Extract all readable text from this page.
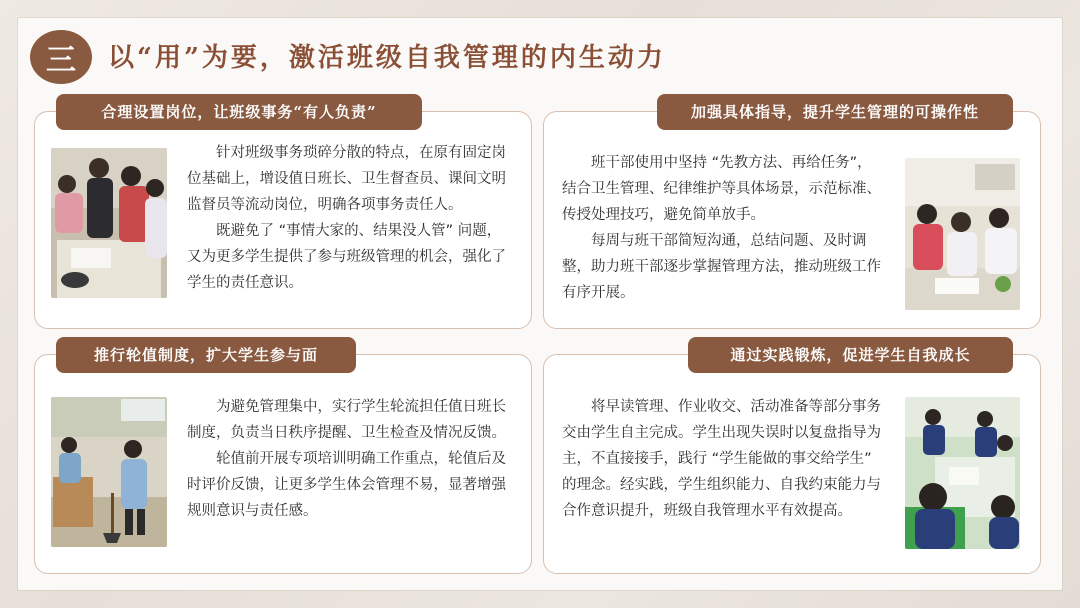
三 以“用”为要，激活班级自我管理的内生动力
合理设置岗位，让班级事务“有人负责”

针对班级事务琐碎分散的特点，在原有固定岗位基础上，增设值日班长、卫生督查员、课间文明监督员等流动岗位，明确各项事务责任人。

既避免了 “事情大家的、结果没人管” 问题，又为更多学生提供了参与班级管理的机会，强化了学生的责任意识。

加强具体指导，提升学生管理的可操作性

班干部使用中坚持 “先教方法、再给任务”，结合卫生管理、纪律维护等具体场景，示范标准、传授处理技巧，避免简单放手。

每周与班干部简短沟通，总结问题、及时调整，助力班干部逐步掌握管理方法，推动班级工作有序开展。

推行轮值制度，扩大学生参与面

为避免管理集中，实行学生轮流担任值日班长制度，负责当日秩序提醒、卫生检查及情况反馈。

轮值前开展专项培训明确工作重点，轮值后及时评价反馈，让更多学生体会管理不易，显著增强规则意识与责任感。

通过实践锻炼，促进学生自我成长

将早读管理、作业收交、活动准备等部分事务交由学生自主完成。学生出现失误时以复盘指导为主，不直接接手，践行 “学生能做的事交给学生” 的理念。经实践，学生组织能力、自我约束能力与合作意识提升，班级自我管理水平有效提高。
